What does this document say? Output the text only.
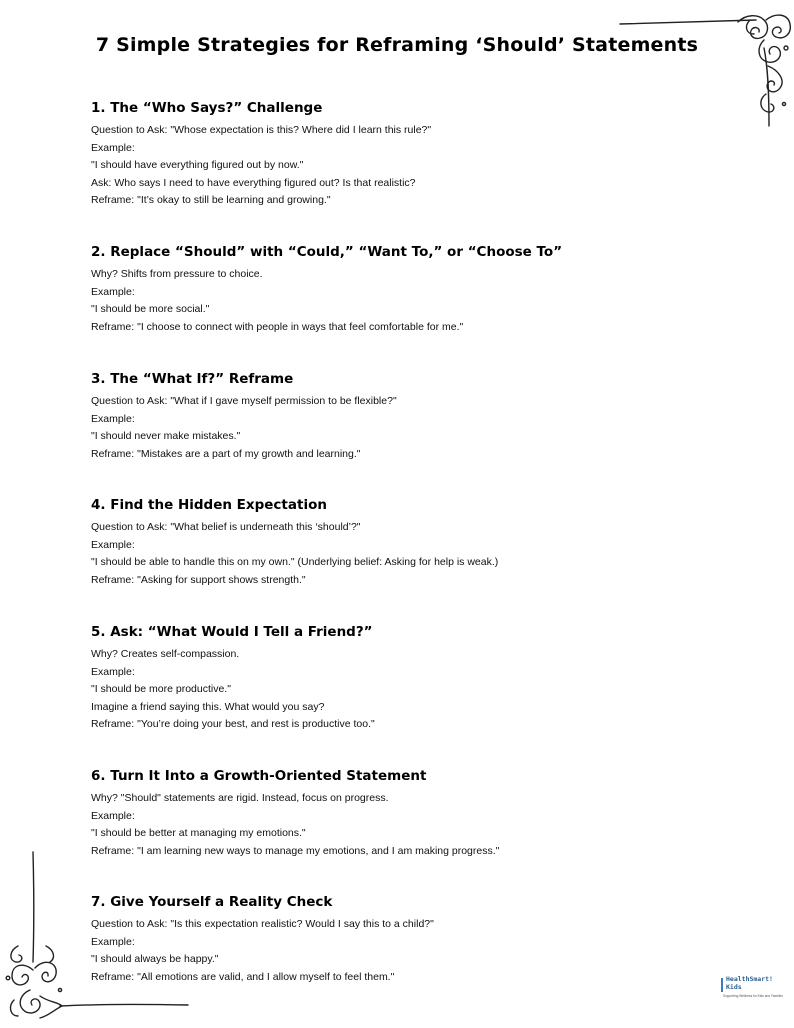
7 Simple Strategies for Reframing ‘Should’ Statements
1. The “Who Says?” Challenge

Question to Ask: "Whose expectation is this? Where did I learn this rule?"

Example:

"I should have everything figured out by now."

Ask: Who says I need to have everything figured out? Is that realistic?

Reframe: "It’s okay to still be learning and growing."

2. Replace “Should” with “Could,” “Want To,” or “Choose To”

Why? Shifts from pressure to choice.

Example:

"I should be more social."

Reframe: "I choose to connect with people in ways that feel comfortable for me."

3. The “What If?” Reframe

Question to Ask: "What if I gave myself permission to be flexible?"

Example:

"I should never make mistakes."

Reframe: "Mistakes are a part of my growth and learning."

4. Find the Hidden Expectation

Question to Ask: "What belief is underneath this ‘should’?"

Example:

"I should be able to handle this on my own." (Underlying belief: Asking for help is weak.)

Reframe: "Asking for support shows strength."

5. Ask: “What Would I Tell a Friend?”

Why? Creates self-compassion.

Example:

"I should be more productive."

Imagine a friend saying this. What would you say?

Reframe: "You’re doing your best, and rest is productive too."

6. Turn It Into a Growth-Oriented Statement

Why? "Should" statements are rigid. Instead, focus on progress.

Example:

"I should be better at managing my emotions."

Reframe: "I am learning new ways to manage my emotions, and I am making progress."

7. Give Yourself a Reality Check

Question to Ask: "Is this expectation realistic? Would I say this to a child?"

Example:

"I should always be happy."

Reframe: "All emotions are valid, and I allow myself to feel them."	HealthSmart!
Kids
Supporting Wellness for Kids and Families
